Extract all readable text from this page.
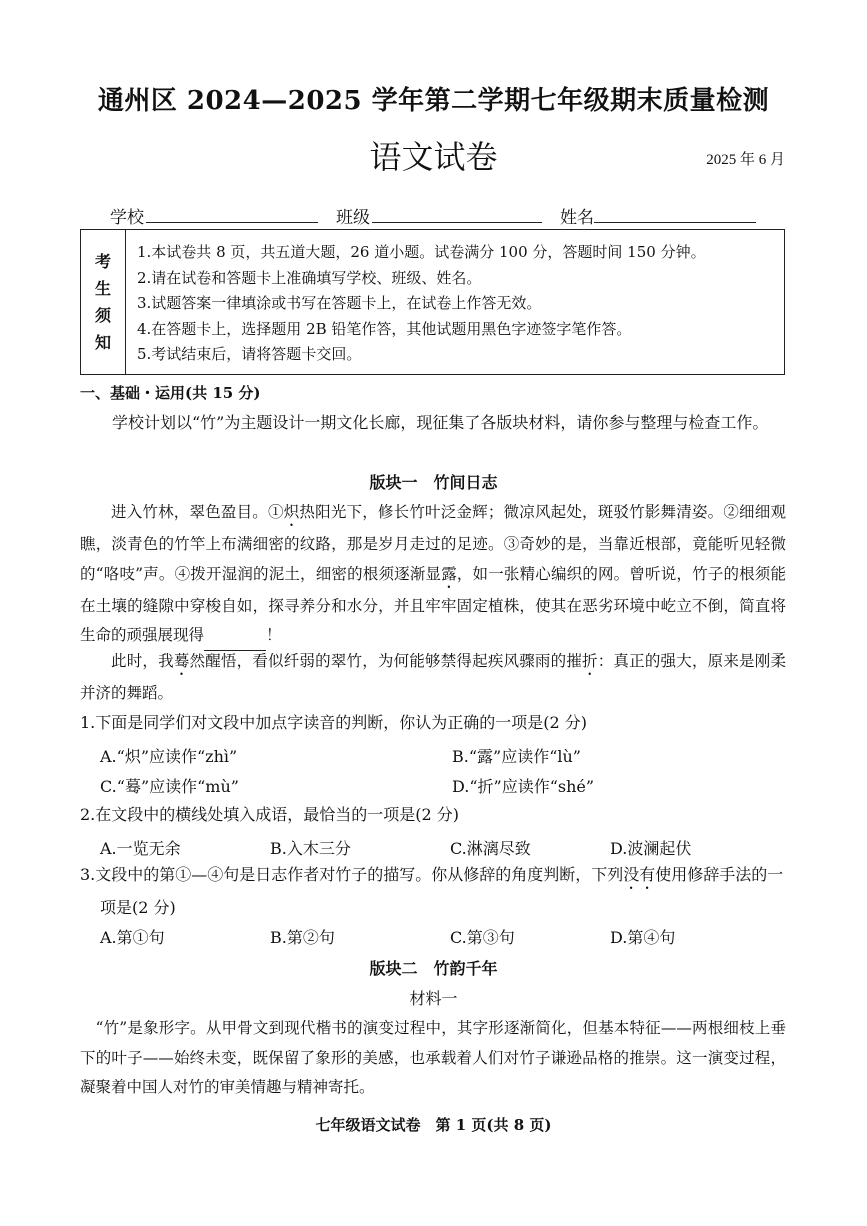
通州区 2024—2025 学年第二学期七年级期末质量检测
语文试卷	2025 年 6 月
学校	班级	姓名
考
生
须
知
1.本试卷共 8 页，共五道大题，26 道小题。试卷满分 100 分，答题时间 150 分钟。
2.请在试卷和答题卡上准确填写学校、班级、姓名。
3.试题答案一律填涂或书写在答题卡上，在试卷上作答无效。
4.在答题卡上，选择题用 2B 铅笔作答，其他试题用黑色字迹签字笔作答。
5.考试结束后，请将答题卡交回。
一、基础・运用(共 15 分)
学校计划以“竹”为主题设计一期文化长廊，现征集了各版块材料，请你参与整理与检查工作。
版块一　竹间日志
进入竹林，翠色盈目。①炽热阳光下，修长竹叶泛金辉；微凉风起处，斑驳竹影舞清姿。②细细观瞧，淡青色的竹竿上布满细密的纹路，那是岁月走过的足迹。③奇妙的是，当靠近根部，竟能听见轻微的“咯吱”声。④拨开湿润的泥土，细密的根须逐渐显露，如一张精心编织的网。曾听说，竹子的根须能在土壤的缝隙中穿梭自如，探寻养分和水分，并且牢牢固定植株，使其在恶劣环境中屹立不倒，简直将生命的顽强展现得	！
此时，我蓦然醒悟，看似纤弱的翠竹，为何能够禁得起疾风骤雨的摧折：真正的强大，原来是刚柔并济的舞蹈。
1.下面是同学们对文段中加点字读音的判断，你认为正确的一项是(2 分)
A.“炽”应读作“zhì”	B.“露”应读作“lù”
C.“蓦”应读作“mù”	D.“折”应读作“shé”
2.在文段中的横线处填入成语，最恰当的一项是(2 分)
A.一览无余	B.入木三分	C.淋漓尽致	D.波澜起伏
3.文段中的第①—④句是日志作者对竹子的描写。你从修辞的角度判断，下列没有使用修辞手法的一项是(2 分)
A.第①句	B.第②句	C.第③句	D.第④句
版块二　竹韵千年
材料一
“竹”是象形字。从甲骨文到现代楷书的演变过程中，其字形逐渐简化，但基本特征——两根细枝上垂下的叶子——始终未变，既保留了象形的美感，也承载着人们对竹子谦逊品格的推崇。这一演变过程，凝聚着中国人对竹的审美情趣与精神寄托。
七年级语文试卷　第 1 页(共 8 页)
